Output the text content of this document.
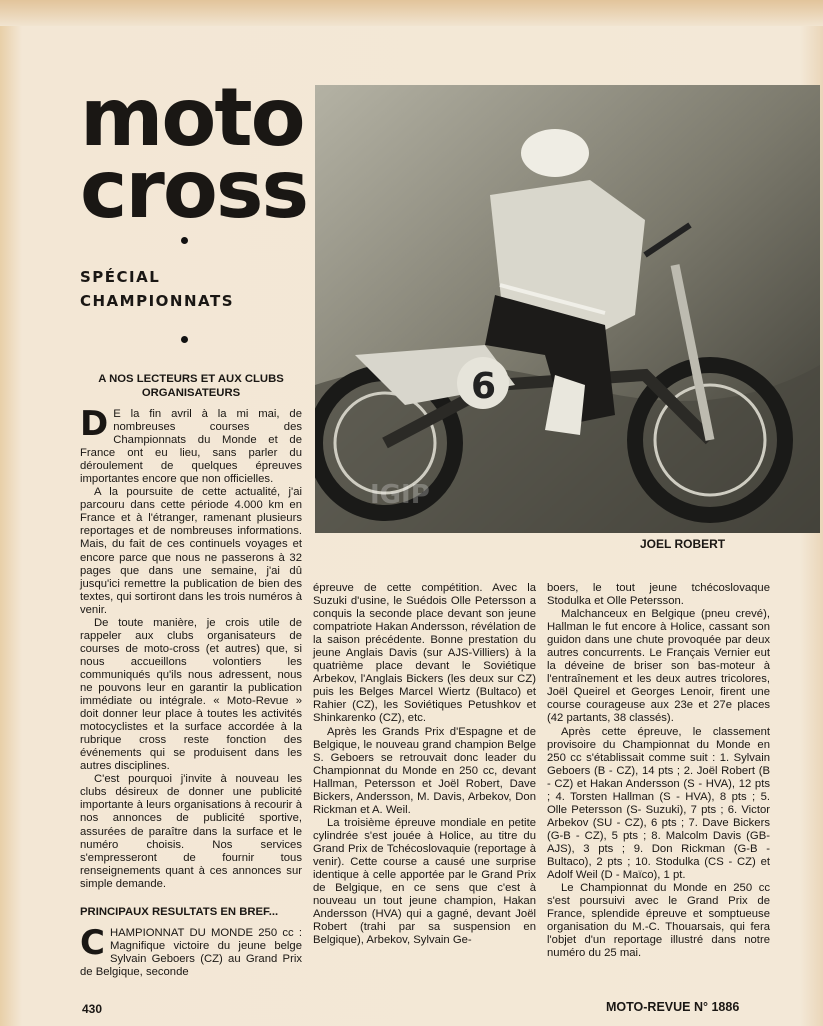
moto
cross
SPÉCIAL
CHAMPIONNATS
6
IGIP
JOEL ROBERT
A NOS LECTEURS ET AUX CLUBS ORGANISATEURS

D E la fin avril à la mi mai, de nombreuses courses des Championnats du Monde et de France ont eu lieu, sans parler du déroulement de quelques épreuves importantes encore que non officielles.

A la poursuite de cette actualité, j'ai parcouru dans cette période 4.000 km en France et à l'étranger, ramenant plusieurs reportages et de nombreuses informations. Mais, du fait de ces continuels voyages et encore parce que nous ne passerons à 32 pages que dans une semaine, j'ai dû jusqu'ici remettre la publication de bien des textes, qui sortiront dans les trois numéros à venir.

De toute manière, je crois utile de rappeler aux clubs organisateurs de courses de moto-cross (et autres) que, si nous accueillons volontiers les communiqués qu'ils nous adressent, nous ne pouvons leur en garantir la publication immédiate ou intégrale. « Moto-Revue » doit donner leur place à toutes les activités motocyclistes et la surface accordée à la rubrique cross reste fonction des événements qui se produisent dans les autres disciplines.

C'est pourquoi j'invite à nouveau les clubs désireux de donner une publicité importante à leurs organisations à recourir à nos annonces de publicité sportive, assurées de paraître dans la surface et le numéro choisis. Nos services s'empresseront de fournir tous renseignements quant à ces annonces sur simple demande.

PRINCIPAUX RESULTATS EN BREF...

CHAMPIONNAT DU MONDE 250 cc : Magnifique victoire du jeune belge Sylvain Geboers (CZ) au Grand Prix de Belgique, seconde

épreuve de cette compétition. Avec la Suzuki d'usine, le Suédois Olle Petersson a conquis la seconde place devant son jeune compatriote Hakan Andersson, révélation de la saison précédente. Bonne prestation du jeune Anglais Davis (sur AJS-Villiers) à la quatrième place devant le Soviétique Arbekov, l'Anglais Bickers (les deux sur CZ) puis les Belges Marcel Wiertz (Bultaco) et Rahier (CZ), les Soviétiques Petushkov et Shinkarenko (CZ), etc.

Après les Grands Prix d'Espagne et de Belgique, le nouveau grand champion Belge S. Geboers se retrouvait donc leader du Championnat du Monde en 250 cc, devant Hallman, Petersson et Joël Robert, Dave Bickers, Andersson, M. Davis, Arbekov, Don Rickman et A. Weil.

La troisième épreuve mondiale en petite cylindrée s'est jouée à Holice, au titre du Grand Prix de Tchécoslovaquie (reportage à venir). Cette course a causé une surprise identique à celle apportée par le Grand Prix de Belgique, en ce sens que c'est à nouveau un tout jeune champion, Hakan Andersson (HVA) qui a gagné, devant Joël Robert (trahi par sa suspension en Belgique), Arbekov, Sylvain Ge-

boers, le tout jeune tchécoslovaque Stodulka et Olle Petersson.

Malchanceux en Belgique (pneu crevé), Hallman le fut encore à Holice, cassant son guidon dans une chute provoquée par deux autres concurrents. Le Français Vernier eut la déveine de briser son bas-moteur à l'entraînement et les deux autres tricolores, Joël Queirel et Georges Lenoir, firent une course courageuse aux 23e et 27e places (42 partants, 38 classés).

Après cette épreuve, le classement provisoire du Championnat du Monde en 250 cc s'établissait comme suit : 1. Sylvain Geboers (B - CZ), 14 pts ; 2. Joël Robert (B - CZ) et Hakan Andersson (S - HVA), 12 pts ; 4. Torsten Hallman (S - HVA), 8 pts ; 5. Olle Petersson (S- Suzuki), 7 pts ; 6. Victor Arbekov (SU - CZ), 6 pts ; 7. Dave Bickers (G-B - CZ), 5 pts ; 8. Malcolm Davis (GB-AJS), 3 pts ; 9. Don Rickman (G-B - Bultaco), 2 pts ; 10. Stodulka (CS - CZ) et Adolf Weil (D - Maïco), 1 pt.

Le Championnat du Monde en 250 cc s'est poursuivi avec le Grand Prix de France, splendide épreuve et somptueuse organisation du M.-C. Thouarsais, qui fera l'objet d'un reportage illustré dans notre numéro du 25 mai.

430	MOTO-REVUE N° 1886
